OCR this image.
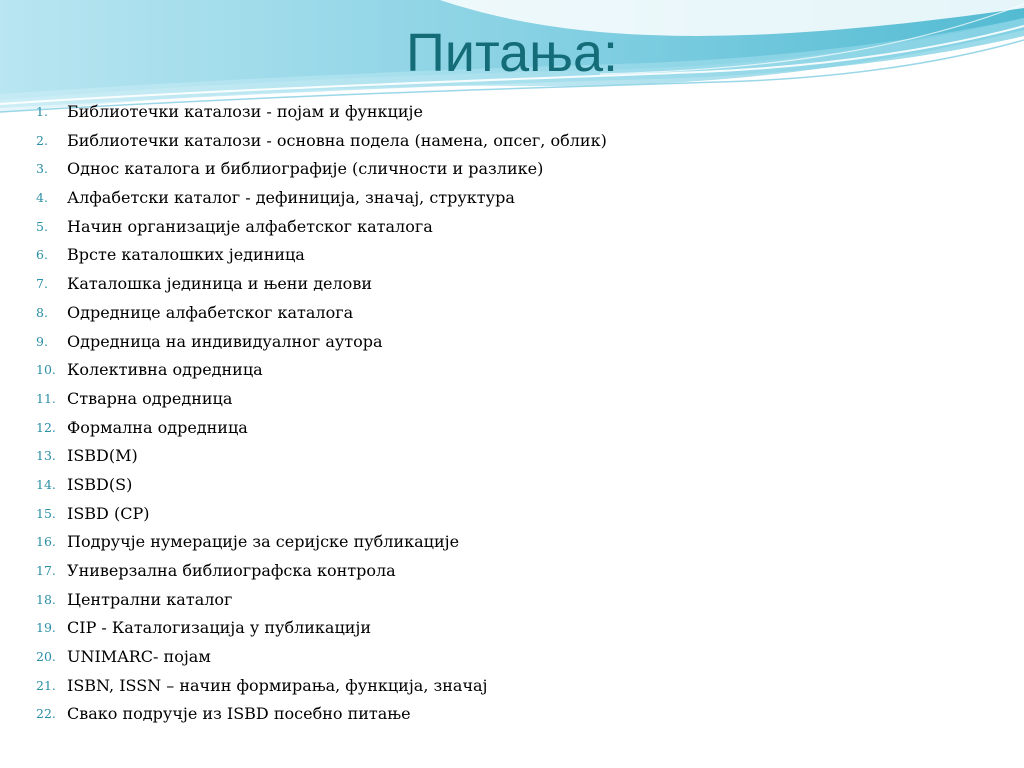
Питања:
1. Библиотечки каталози - појам и функције
2. Библиотечки каталози - основна подела (намена, опсег, облик)
3. Однос каталога и библиографије (сличности и разлике)
4. Алфабетски каталог - дефиниција, значај, структура
5. Начин организације алфабетског каталога
6. Врсте каталошких јединица
7. Каталошка јединица и њени делови
8. Одреднице алфабетског каталога
9. Одредница на индивидуалног аутора
10. Колективна одредница
11. Стварна одредница
12. Формална одредница
13. ISBD(M)
14. ISBD(S)
15. ISBD (CP)
16. Подручје нумерације за серијске публикације
17. Универзална библиографска контрола
18. Централни каталог
19. CIP - Каталогизација у публикацији
20. UNIMARC- појам
21. ISBN, ISSN – начин формирања, функција, значај
22. Свако подручје из ISBD посебно питање
